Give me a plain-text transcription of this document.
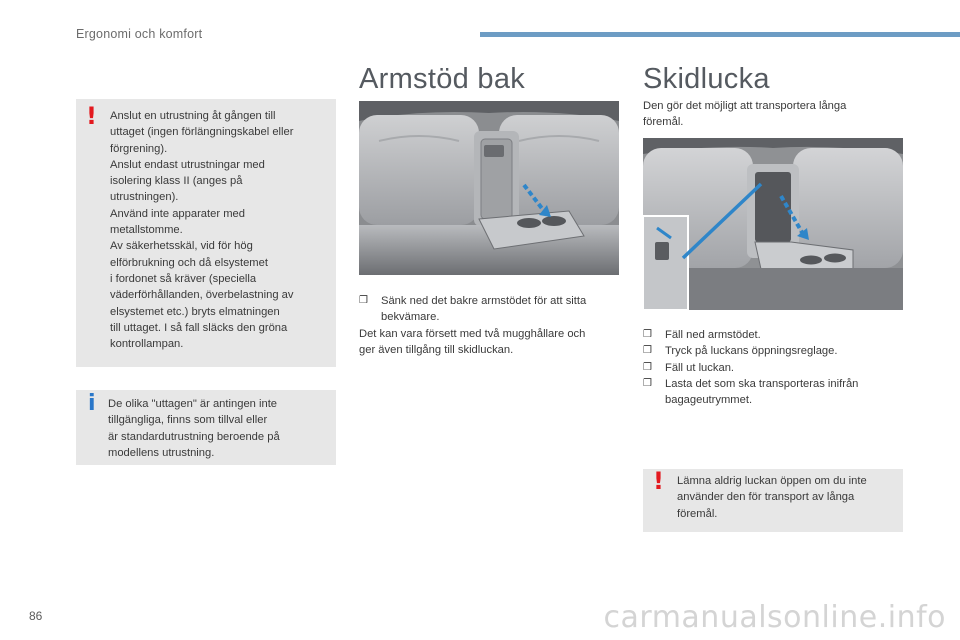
Ergonomi och komfort
! Anslut en utrustning åt gången till

uttaget (ingen förlängningskabel eller

förgrening).

Anslut endast utrustningar med

isolering klass II (anges på

utrustningen).

Använd inte apparater med

metallstomme.

Av säkerhetsskäl, vid för hög

elförbrukning och då elsystemet

i fordonet så kräver (speciella

väderförhållanden, överbelastning av

elsystemet etc.) bryts elmatningen

till uttaget. I så fall släcks den gröna

kontrollampan.

i De olika "uttagen" är antingen inte

tillgängliga, finns som tillval eller

är standardutrustning beroende på

modellens utrustning.

Armstöd bak
❒ Sänk ned det bakre armstödet för att sitta
bekvämare.
Det kan vara försett med två mugghållare och
ger även tillgång till skidluckan.
Skidlucka
Den gör det möjligt att transportera långa
föremål.
❒ Fäll ned armstödet.
❒ Tryck på luckans öppningsreglage.
❒ Fäll ut luckan.
❒ Lasta det som ska transporteras inifrån
bagageutrymmet.
! Lämna aldrig luckan öppen om du inte

använder den för transport av långa

föremål.

86	carmanualsonline.info
